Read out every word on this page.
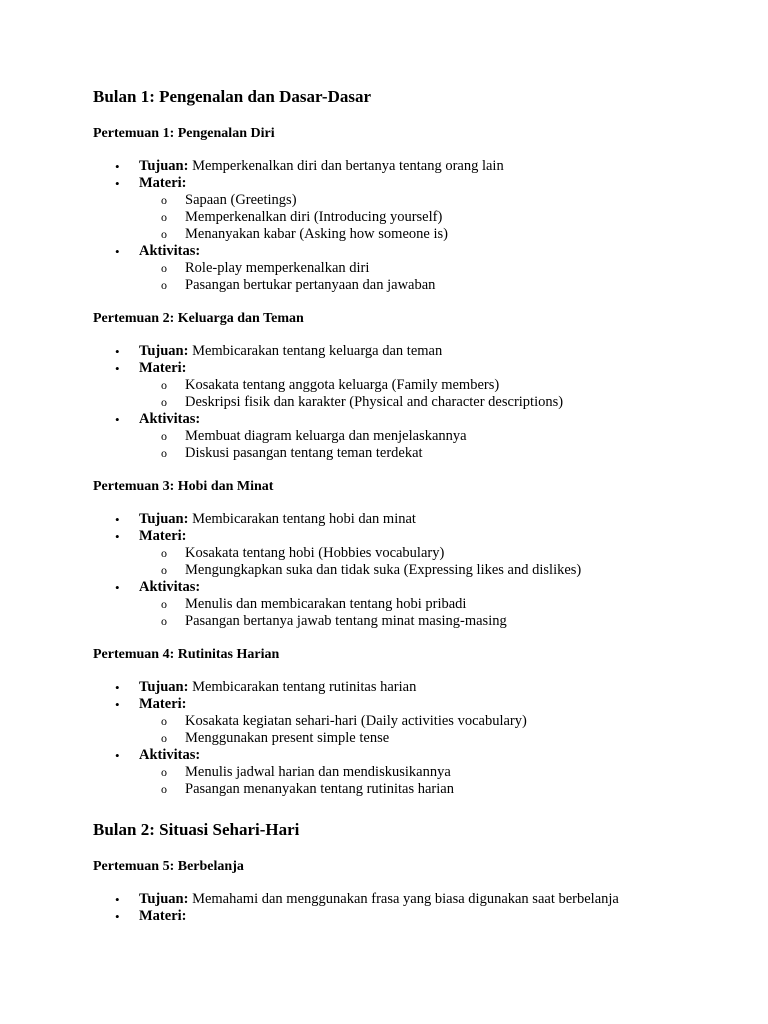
Bulan 1: Pengenalan dan Dasar-Dasar
Pertemuan 1: Pengenalan Diri
• Tujuan: Memperkenalkan diri dan bertanya tentang orang lain
• Materi:
o Sapaan (Greetings)
o Memperkenalkan diri (Introducing yourself)
o Menanyakan kabar (Asking how someone is)
• Aktivitas:
o Role-play memperkenalkan diri
o Pasangan bertukar pertanyaan dan jawaban
Pertemuan 2: Keluarga dan Teman
• Tujuan: Membicarakan tentang keluarga dan teman
• Materi:
o Kosakata tentang anggota keluarga (Family members)
o Deskripsi fisik dan karakter (Physical and character descriptions)
• Aktivitas:
o Membuat diagram keluarga dan menjelaskannya
o Diskusi pasangan tentang teman terdekat
Pertemuan 3: Hobi dan Minat
• Tujuan: Membicarakan tentang hobi dan minat
• Materi:
o Kosakata tentang hobi (Hobbies vocabulary)
o Mengungkapkan suka dan tidak suka (Expressing likes and dislikes)
• Aktivitas:
o Menulis dan membicarakan tentang hobi pribadi
o Pasangan bertanya jawab tentang minat masing-masing
Pertemuan 4: Rutinitas Harian
• Tujuan: Membicarakan tentang rutinitas harian
• Materi:
o Kosakata kegiatan sehari-hari (Daily activities vocabulary)
o Menggunakan present simple tense
• Aktivitas:
o Menulis jadwal harian dan mendiskusikannya
o Pasangan menanyakan tentang rutinitas harian
Bulan 2: Situasi Sehari-Hari
Pertemuan 5: Berbelanja
• Tujuan: Memahami dan menggunakan frasa yang biasa digunakan saat berbelanja
• Materi:
